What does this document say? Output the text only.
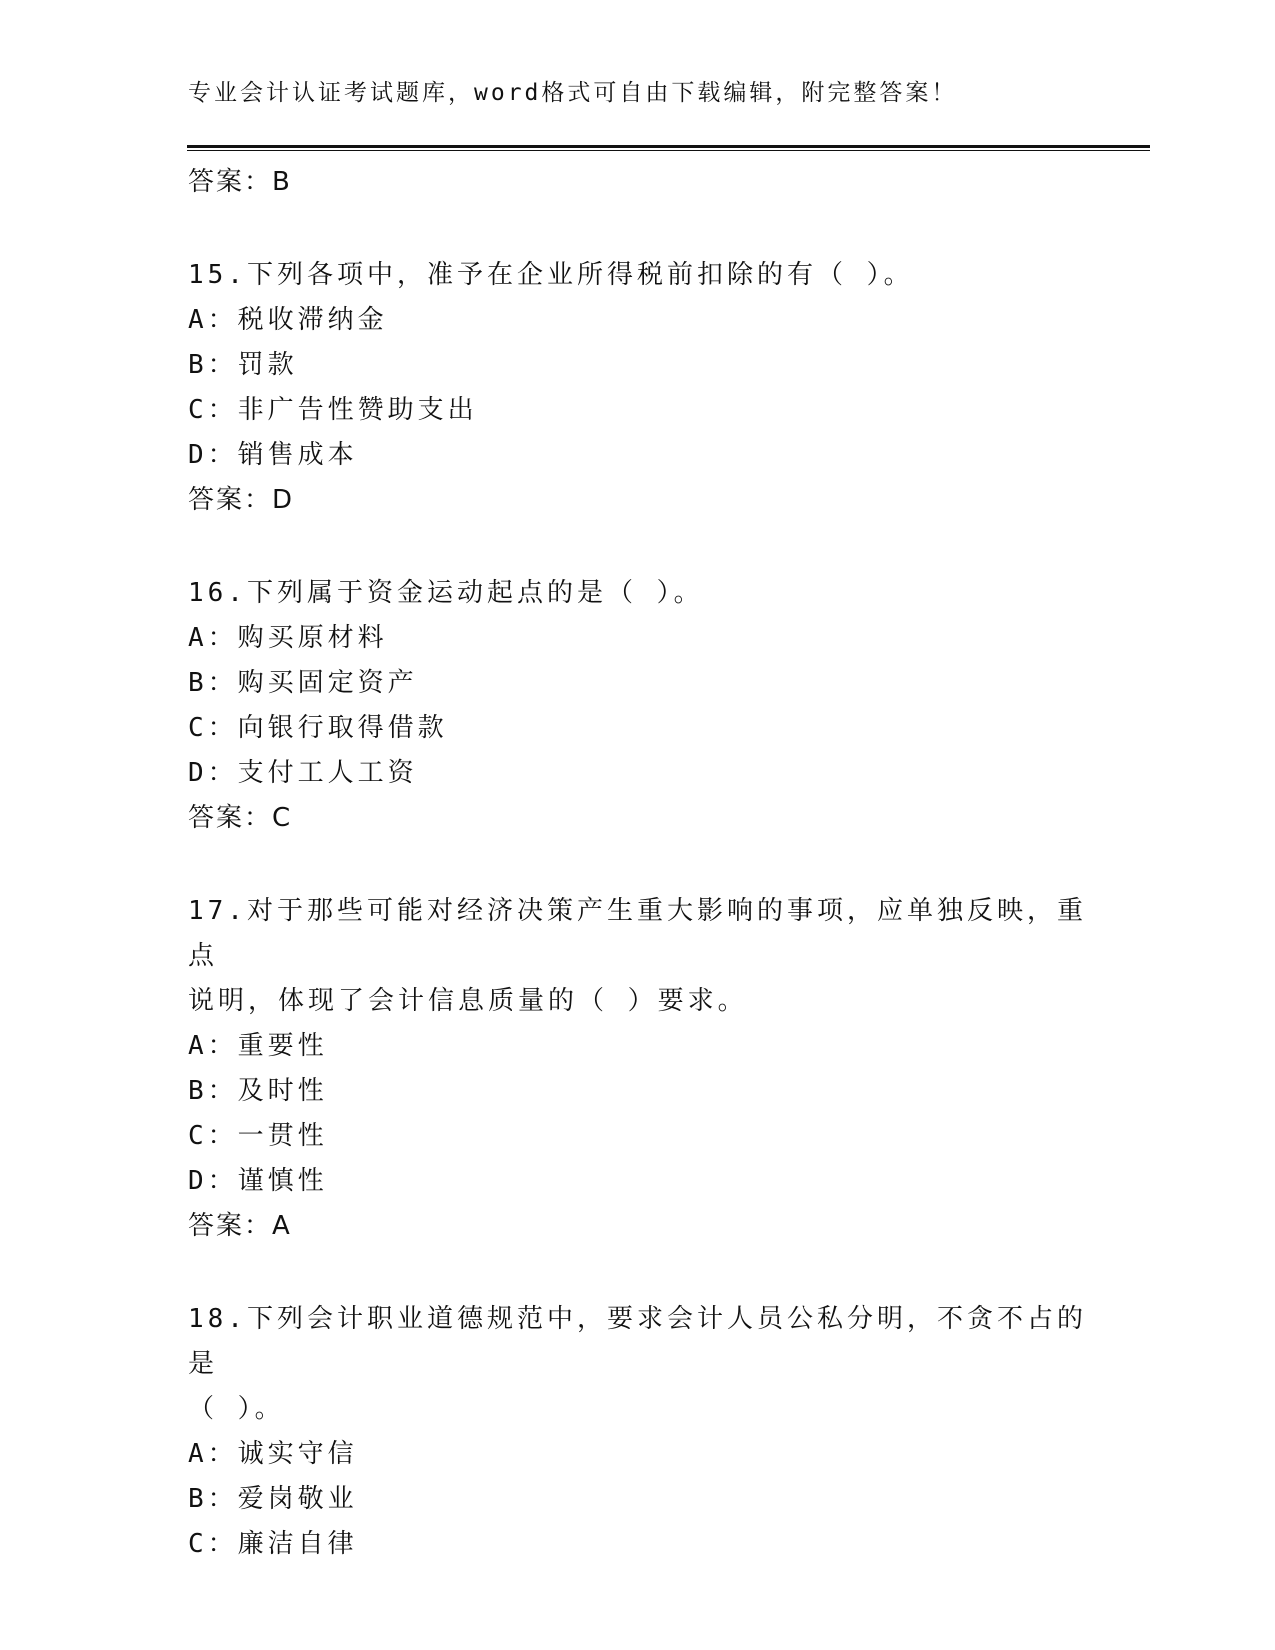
专业会计认证考试题库，word格式可自由下载编辑，附完整答案！
答案：B
15.下列各项中，准予在企业所得税前扣除的有（ ）。
A：税收滞纳金
B：罚款
C：非广告性赞助支出
D：销售成本
答案：D
16.下列属于资金运动起点的是（ ）。
A：购买原材料
B：购买固定资产
C：向银行取得借款
D：支付工人工资
答案：C
17.对于那些可能对经济决策产生重大影响的事项，应单独反映，重点
说明，体现了会计信息质量的（ ）要求。
A：重要性
B：及时性
C：一贯性
D：谨慎性
答案：A
18.下列会计职业道德规范中，要求会计人员公私分明，不贪不占的是
（ ）。
A：诚实守信
B：爱岗敬业
C：廉洁自律
